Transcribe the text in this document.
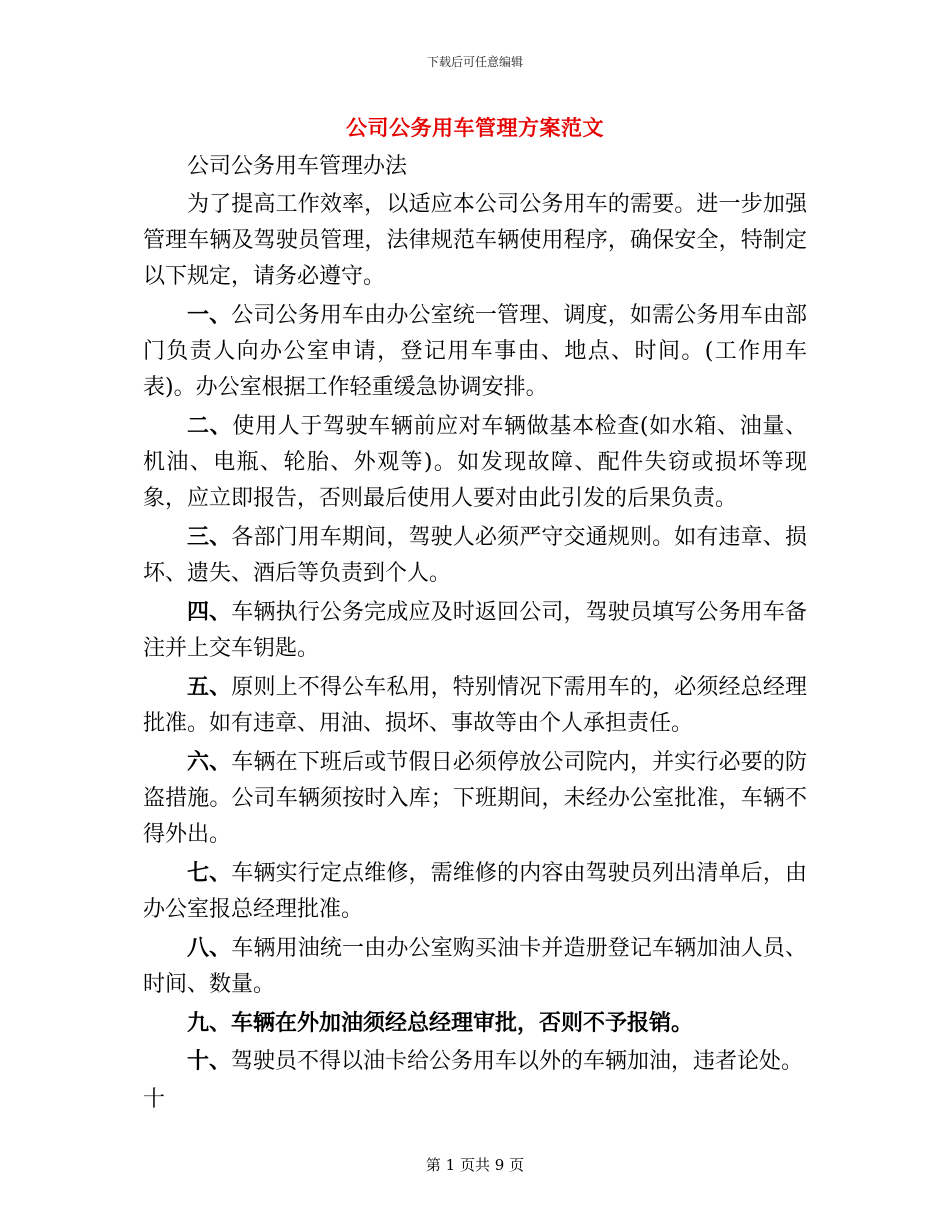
下载后可任意编辑
公司公务用车管理方案范文

公司公务用车管理办法

为了提高工作效率，以适应本公司公务用车的需要。进一步加强管理车辆及驾驶员管理，法律规范车辆使用程序，确保安全，特制定以下规定，请务必遵守。

一、公司公务用车由办公室统一管理、调度，如需公务用车由部门负责人向办公室申请，登记用车事由、地点、时间。(工作用车表)。办公室根据工作轻重缓急协调安排。

二、使用人于驾驶车辆前应对车辆做基本检查(如水箱、油量、机油、电瓶、轮胎、外观等)。如发现故障、配件失窃或损坏等现象，应立即报告，否则最后使用人要对由此引发的后果负责。

三、各部门用车期间，驾驶人必须严守交通规则。如有违章、损坏、遗失、酒后等负责到个人。

四、车辆执行公务完成应及时返回公司，驾驶员填写公务用车备注并上交车钥匙。

五、原则上不得公车私用，特别情况下需用车的，必须经总经理批准。如有违章、用油、损坏、事故等由个人承担责任。

六、车辆在下班后或节假日必须停放公司院内，并实行必要的防盗措施。公司车辆须按时入库；下班期间，未经办公室批准，车辆不得外出。

七、车辆实行定点维修，需维修的内容由驾驶员列出清单后，由办公室报总经理批准。

八、车辆用油统一由办公室购买油卡并造册登记车辆加油人员、时间、数量。

九、车辆在外加油须经总经理审批，否则不予报销。

十、驾驶员不得以油卡给公务用车以外的车辆加油，违者论处。

十

第 1 页共 9 页
